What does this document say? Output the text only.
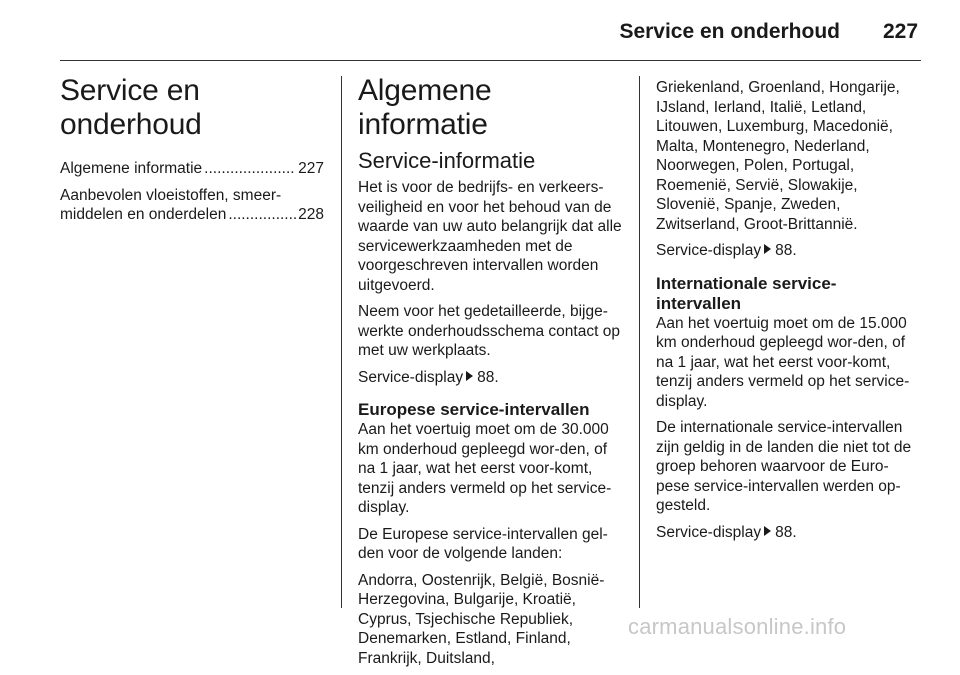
Service en onderhoud 227
Service en onderhoud
Algemene informatie .....	227
Aanbevolen vloeistoffen, smeer-
middelen en onderdelen .....	228
Algemene informatie
Service-informatie

Het is voor de bedrijfs- en verkeers-veiligheid en voor het behoud van de waarde van uw auto belangrijk dat alle servicewerkzaamheden met de voorgeschreven intervallen worden uitgevoerd.

Neem voor het gedetailleerde, bijge-werkte onderhoudsschema contact op met uw werkplaats.

Service-display 88.

Europese service-intervallen

Aan het voertuig moet om de 30.000 km onderhoud gepleegd wor-den, of na 1 jaar, wat het eerst voor-komt, tenzij anders vermeld op het service-display.

De Europese service-intervallen gel-den voor de volgende landen:

Andorra, Oostenrijk, België, Bosnië-Herzegovina, Bulgarije, Kroatië, Cyprus, Tsjechische Republiek, Denemarken, Estland, Finland, Frankrijk, Duitsland,

Griekenland, Groenland, Hongarije, IJsland, Ierland, Italië, Letland, Litouwen, Luxemburg, Macedonië, Malta, Montenegro, Nederland, Noorwegen, Polen, Portugal, Roemenië, Servië, Slowakije, Slovenië, Spanje, Zweden, Zwitserland, Groot-Brittannië.

Service-display 88.

Internationale service-
intervallen

Aan het voertuig moet om de 15.000 km onderhoud gepleegd wor-den, of na 1 jaar, wat het eerst voor-komt, tenzij anders vermeld op het service-display.

De internationale service-intervallen zijn geldig in de landen die niet tot de groep behoren waarvoor de Euro-pese service-intervallen werden op-gesteld.

Service-display 88.

carmanualsonline.info
